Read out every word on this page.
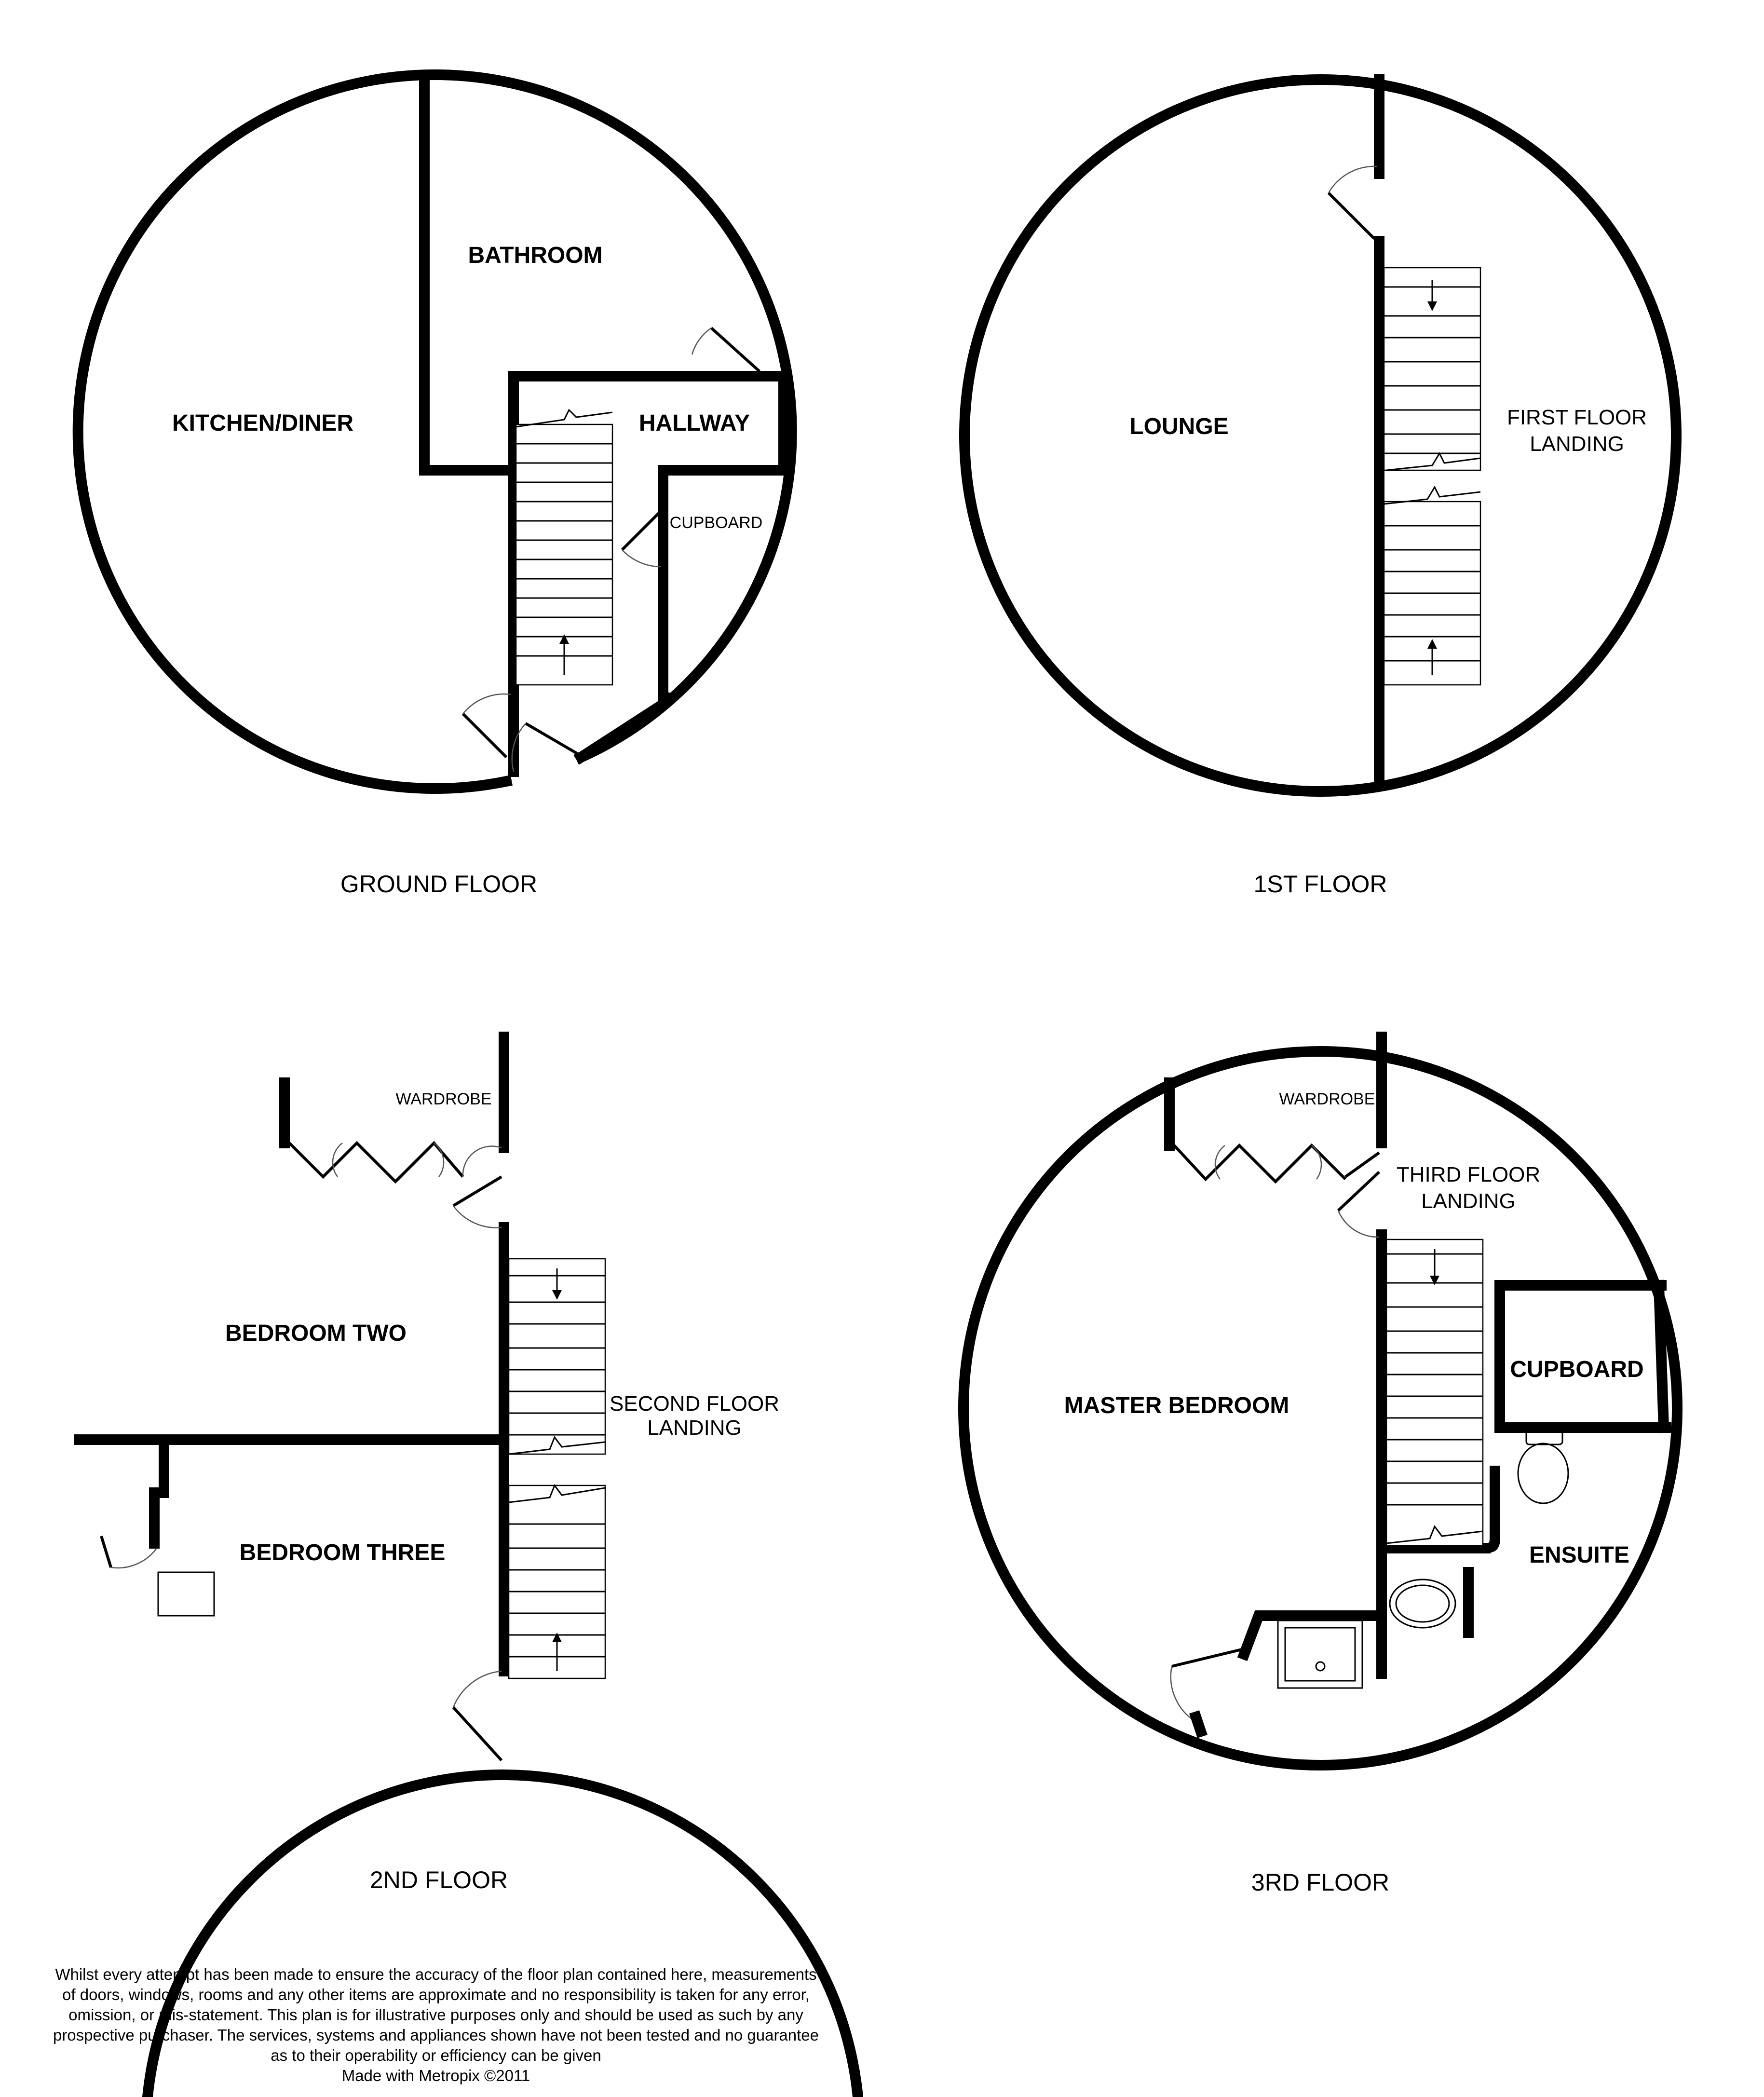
KITCHEN/DINER
BATHROOM
HALLWAY
CUPBOARD
GROUND FLOOR
LOUNGE	FIRST FLOOR
LANDING
1ST FLOOR
WARDROBE
BEDROOM TWO
BEDROOM THREE
SECOND FLOOR
LANDING
2ND FLOOR
WARDROBE
THIRD FLOOR
LANDING
CUPBOARD
MASTER BEDROOM
ENSUITE
3RD FLOOR
Whilst every attempt has been made to ensure the accuracy of the floor plan contained here, measurements
of doors, windows, rooms and any other items are approximate and no responsibility is taken for any error,
omission, or mis-statement. This plan is for illustrative purposes only and should be used as such by any
prospective purchaser. The services, systems and appliances shown have not been tested and no guarantee
as to their operability or efficiency can be given
Made with Metropix ©2011
